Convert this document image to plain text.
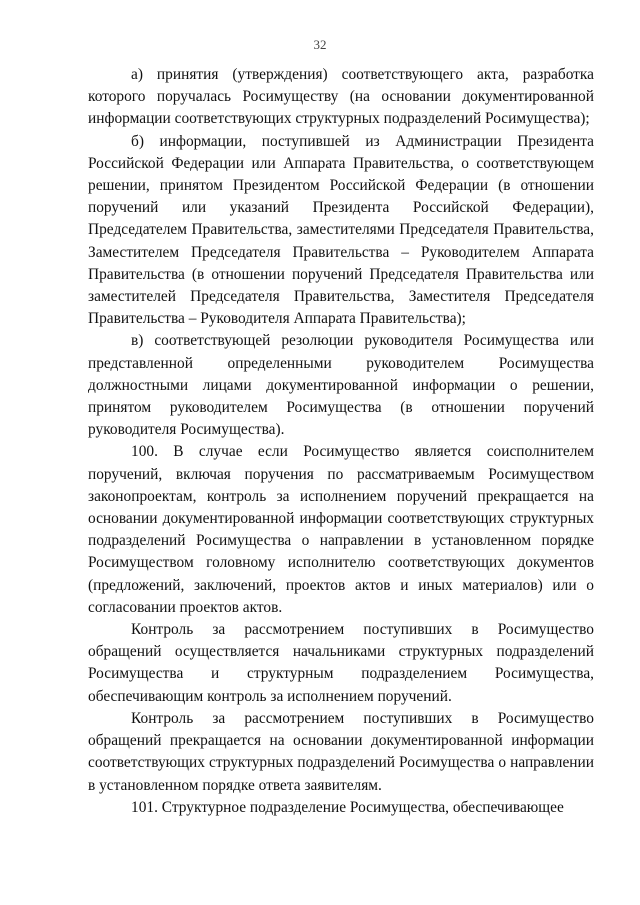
32

а) принятия (утверждения) соответствующего акта, разработка которого поручалась Росимуществу (на основании документированной информации соответствующих структурных подразделений Росимущества);

б) информации, поступившей из Администрации Президента Российской Федерации или Аппарата Правительства, о соответствующем решении, принятом Президентом Российской Федерации (в отношении поручений или указаний Президента Российской Федерации), Председателем Правительства, заместителями Председателя Правительства, Заместителем Председателя Правительства – Руководителем Аппарата Правительства (в отношении поручений Председателя Правительства или заместителей Председателя Правительства, Заместителя Председателя Правительства – Руководителя Аппарата Правительства);

в) соответствующей резолюции руководителя Росимущества или представленной определенными руководителем Росимущества должностными лицами документированной информации о решении, принятом руководителем Росимущества (в отношении поручений руководителя Росимущества).

100. В случае если Росимущество является соисполнителем поручений, включая поручения по рассматриваемым Росимуществом законопроектам, контроль за исполнением поручений прекращается на основании документированной информации соответствующих структурных подразделений Росимущества о направлении в установленном порядке Росимуществом головному исполнителю соответствующих документов (предложений, заключений, проектов актов и иных материалов) или о согласовании проектов актов.

Контроль за рассмотрением поступивших в Росимущество обращений осуществляется начальниками структурных подразделений Росимущества и структурным подразделением Росимущества, обеспечивающим контроль за исполнением поручений.

Контроль за рассмотрением поступивших в Росимущество обращений прекращается на основании документированной информации соответствующих структурных подразделений Росимущества о направлении в установленном порядке ответа заявителям.

101. Структурное подразделение Росимущества, обеспечивающее
